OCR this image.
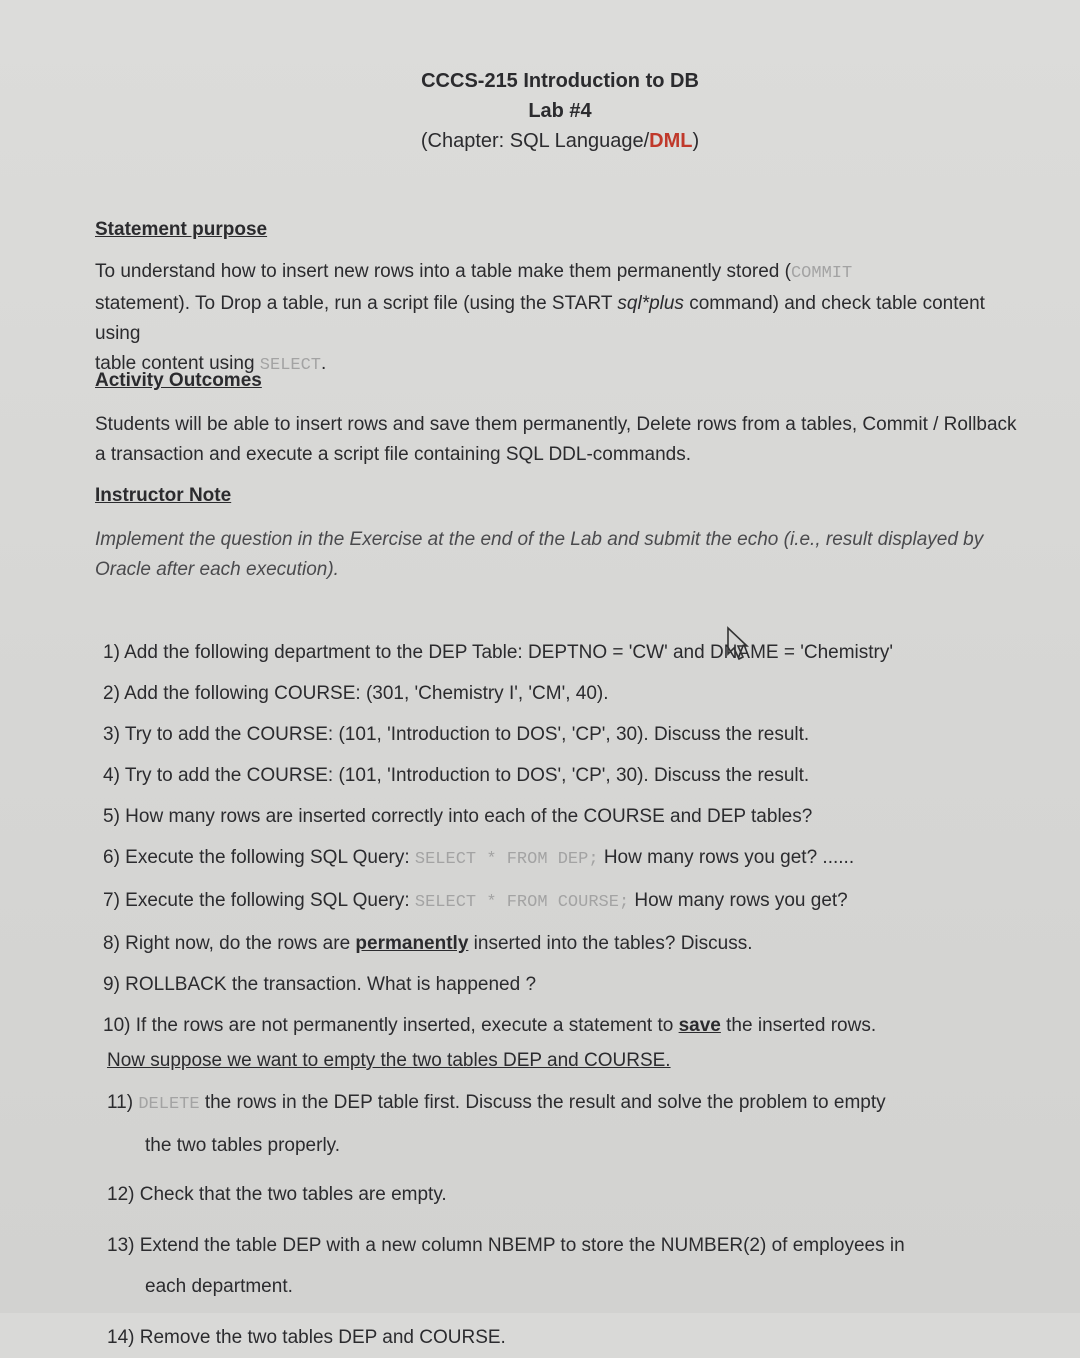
CCCS-215 Introduction to DB
Lab #4
(Chapter: SQL Language/DML)
Statement purpose
To understand how to insert new rows into a table make them permanently stored (COMMIT
statement). To Drop a table, run a script file (using the START sql*plus command) and check table content using
table content using SELECT.
Activity Outcomes
Students will be able to insert rows and save them permanently, Delete rows from a tables, Commit / Rollback a transaction and execute a script file containing SQL DDL-commands.
Instructor Note
Implement the question in the Exercise at the end of the Lab and submit the echo (i.e., result displayed by Oracle after each execution).
1) Add the following department to the DEP Table: DEPTNO = 'CW' and DNAME = 'Chemistry'
2) Add the following COURSE: (301, 'Chemistry I', 'CM', 40).
3) Try to add the COURSE: (101, 'Introduction to DOS', 'CP', 30). Discuss the result.
4) Try to add the COURSE: (101, 'Introduction to DOS', 'CP', 30). Discuss the result.
5) How many rows are inserted correctly into each of the COURSE and DEP tables?
6) Execute the following SQL Query: SELECT * FROM DEP; How many rows you get? ......
7) Execute the following SQL Query: SELECT * FROM COURSE; How many rows you get?
8) Right now, do the rows are permanently inserted into the tables? Discuss.
9) ROLLBACK the transaction. What is happened ?
10) If the rows are not permanently inserted, execute a statement to save the inserted rows.
Now suppose we want to empty the two tables DEP and COURSE.
11) DELETE the rows in the DEP table first. Discuss the result and solve the problem to empty
the two tables properly.
12) Check that the two tables are empty.
13) Extend the table DEP with a new column NBEMP to store the NUMBER(2) of employees in
each department.
14) Remove the two tables DEP and COURSE.
